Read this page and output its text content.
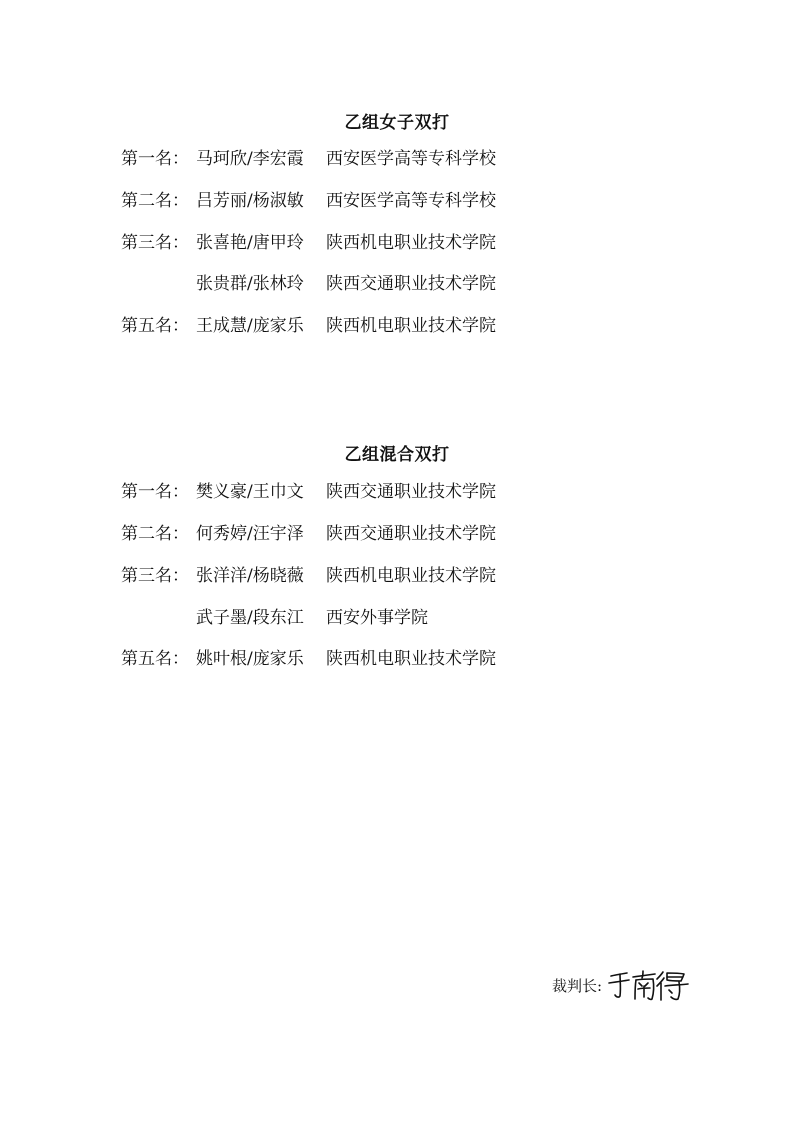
乙组女子双打
第一名： 马珂欣/李宏霞 西安医学高等专科学校
第二名： 吕芳丽/杨淑敏 西安医学高等专科学校
第三名： 张喜艳/唐甲玲 陕西机电职业技术学院
张贵群/张林玲 陕西交通职业技术学院
第五名： 王成慧/庞家乐 陕西机电职业技术学院
乙组混合双打
第一名： 樊义豪/王巾文 陕西交通职业技术学院
第二名： 何秀婷/汪宇泽 陕西交通职业技术学院
第三名： 张洋洋/杨晓薇 陕西机电职业技术学院
武子墨/段东江 西安外事学院
第五名： 姚叶根/庞家乐 陕西机电职业技术学院
裁判长:
